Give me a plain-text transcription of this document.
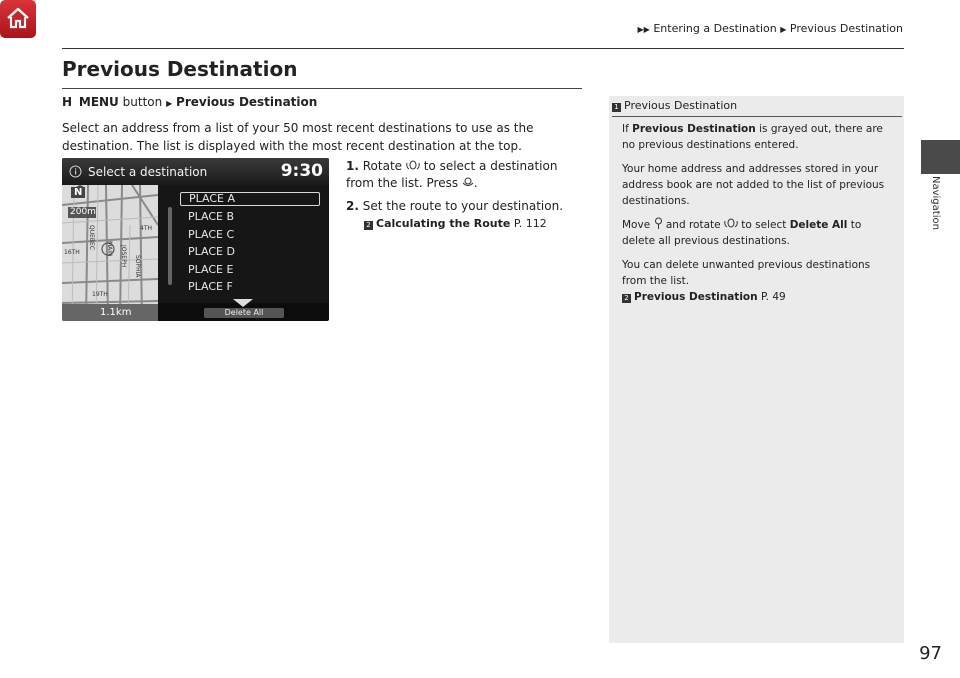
▶▶ Entering a Destination ▶ Previous Destination
Navigation
Previous Destination
H MENU button ▶ Previous Destination
Select an address from a list of your 50 most recent destinations to use as the destination. The list is displayed with the most recent destination at the top.
Select a destination	9:30
200m
N
QUEBEC MAIN JOSEPH SOPHIA
4TH
16TH
19TH
PLACE A
PLACE B
PLACE C
PLACE D
PLACE E
PLACE F
Delete All
1.1km
1. Rotate to select a destination from the list. Press .
2. Set the route to your destination.
2 Calculating the Route P. 112
1 Previous Destination

If Previous Destination is grayed out, there are no previous destinations entered.

Your home address and addresses stored in your address book are not added to the list of previous destinations.

Move and rotate to select Delete All to delete all previous destinations.

You can delete unwanted previous destinations from the list.

2 Previous Destination P. 49
97
